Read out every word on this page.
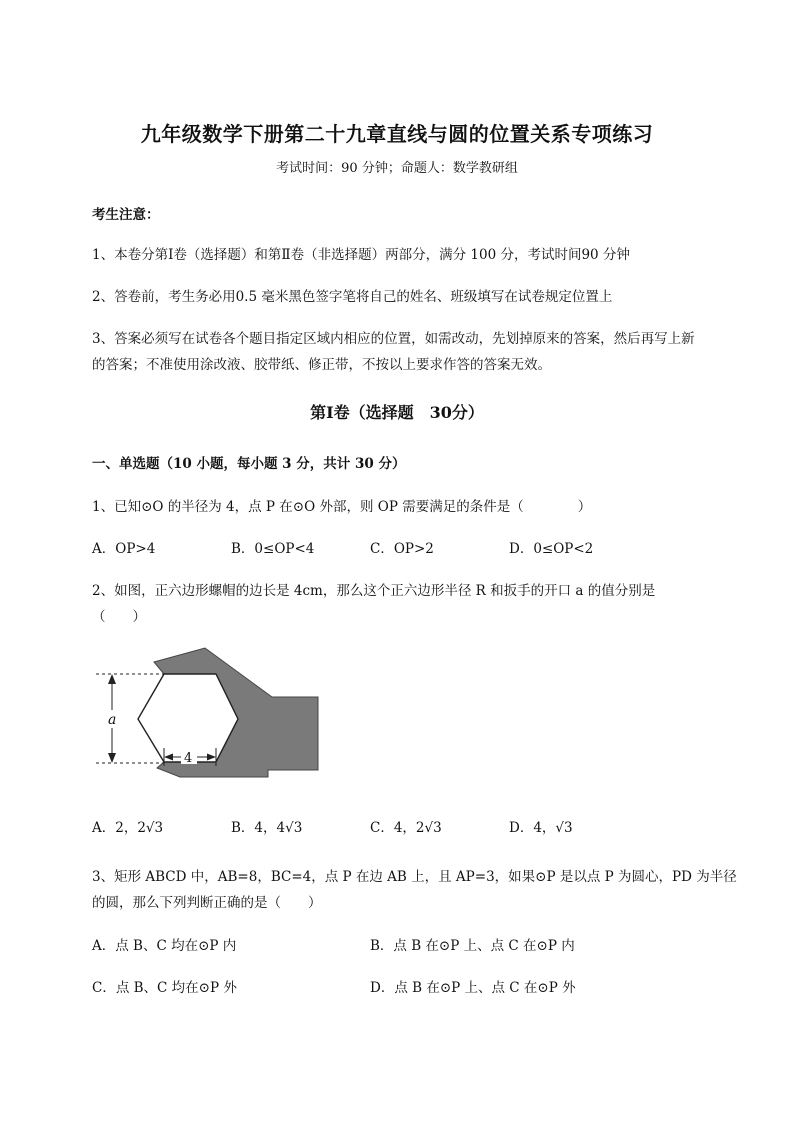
九年级数学下册第二十九章直线与圆的位置关系专项练习
考试时间：90 分钟；命题人：数学教研组
考生注意：
1、本卷分第Ⅰ卷（选择题）和第Ⅱ卷（非选择题）两部分，满分 100 分，考试时间90 分钟
2、答卷前，考生务必用0.5 毫米黑色签字笔将自己的姓名、班级填写在试卷规定位置上
3、答案必须写在试卷各个题目指定区域内相应的位置，如需改动，先划掉原来的答案，然后再写上新
的答案；不准使用涂改液、胶带纸、修正带，不按以上要求作答的答案无效。
第Ⅰ卷（选择题　30分）
一、单选题（10 小题，每小题 3 分，共计 30 分）
1、已知⊙O 的半径为 4，点 P 在⊙O 外部，则 OP 需要满足的条件是（　　　　）
A．OP>4	B．0≤OP<4	C．OP>2	D．0≤OP<2
2、如图，正六边形螺帽的边长是 4cm，那么这个正六边形半径 R 和扳手的开口 a 的值分别是
（　　）
a
4
A．2，2√3	B．4，4√3	C．4，2√3	D．4，√3
3、矩形 ABCD 中，AB=8，BC=4，点 P 在边 AB 上，且 AP=3，如果⊙P 是以点 P 为圆心，PD 为半径
的圆，那么下列判断正确的是（　　）
A．点 B、C 均在⊙P 内	B．点 B 在⊙P 上、点 C 在⊙P 内
C．点 B、C 均在⊙P 外	D．点 B 在⊙P 上、点 C 在⊙P 外
